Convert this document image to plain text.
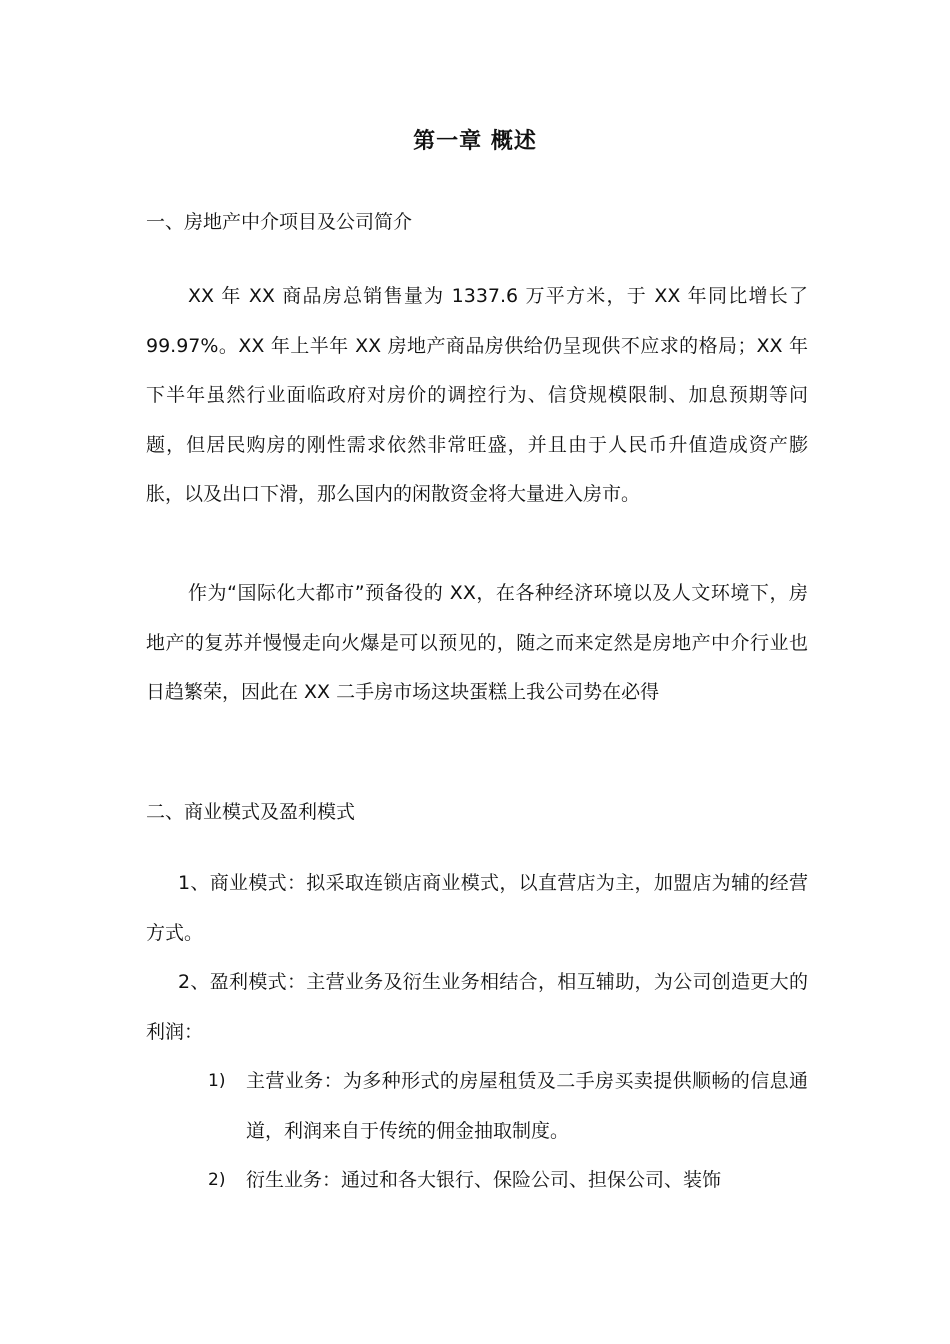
第一章 概述
一、房地产中介项目及公司简介

XX 年 XX 商品房总销售量为 1337.6 万平方米，于 XX 年同比增长了 99.97%。XX 年上半年 XX 房地产商品房供给仍呈现供不应求的格局；XX 年下半年虽然行业面临政府对房价的调控行为、信贷规模限制、加息预期等问题，但居民购房的刚性需求依然非常旺盛，并且由于人民币升值造成资产膨胀，以及出口下滑，那么国内的闲散资金将大量进入房市。

作为“国际化大都市”预备役的 XX，在各种经济环境以及人文环境下，房地产的复苏并慢慢走向火爆是可以预见的，随之而来定然是房地产中介行业也日趋繁荣，因此在 XX 二手房市场这块蛋糕上我公司势在必得

二、商业模式及盈利模式

1、商业模式：拟采取连锁店商业模式，以直营店为主，加盟店为辅的经营方式。

2、盈利模式：主营业务及衍生业务相结合，相互辅助，为公司创造更大的利润：

1)	主营业务：为多种形式的房屋租赁及二手房买卖提供顺畅的信息通道，利润来自于传统的佣金抽取制度。
2)	衍生业务：通过和各大银行、保险公司、担保公司、装饰
